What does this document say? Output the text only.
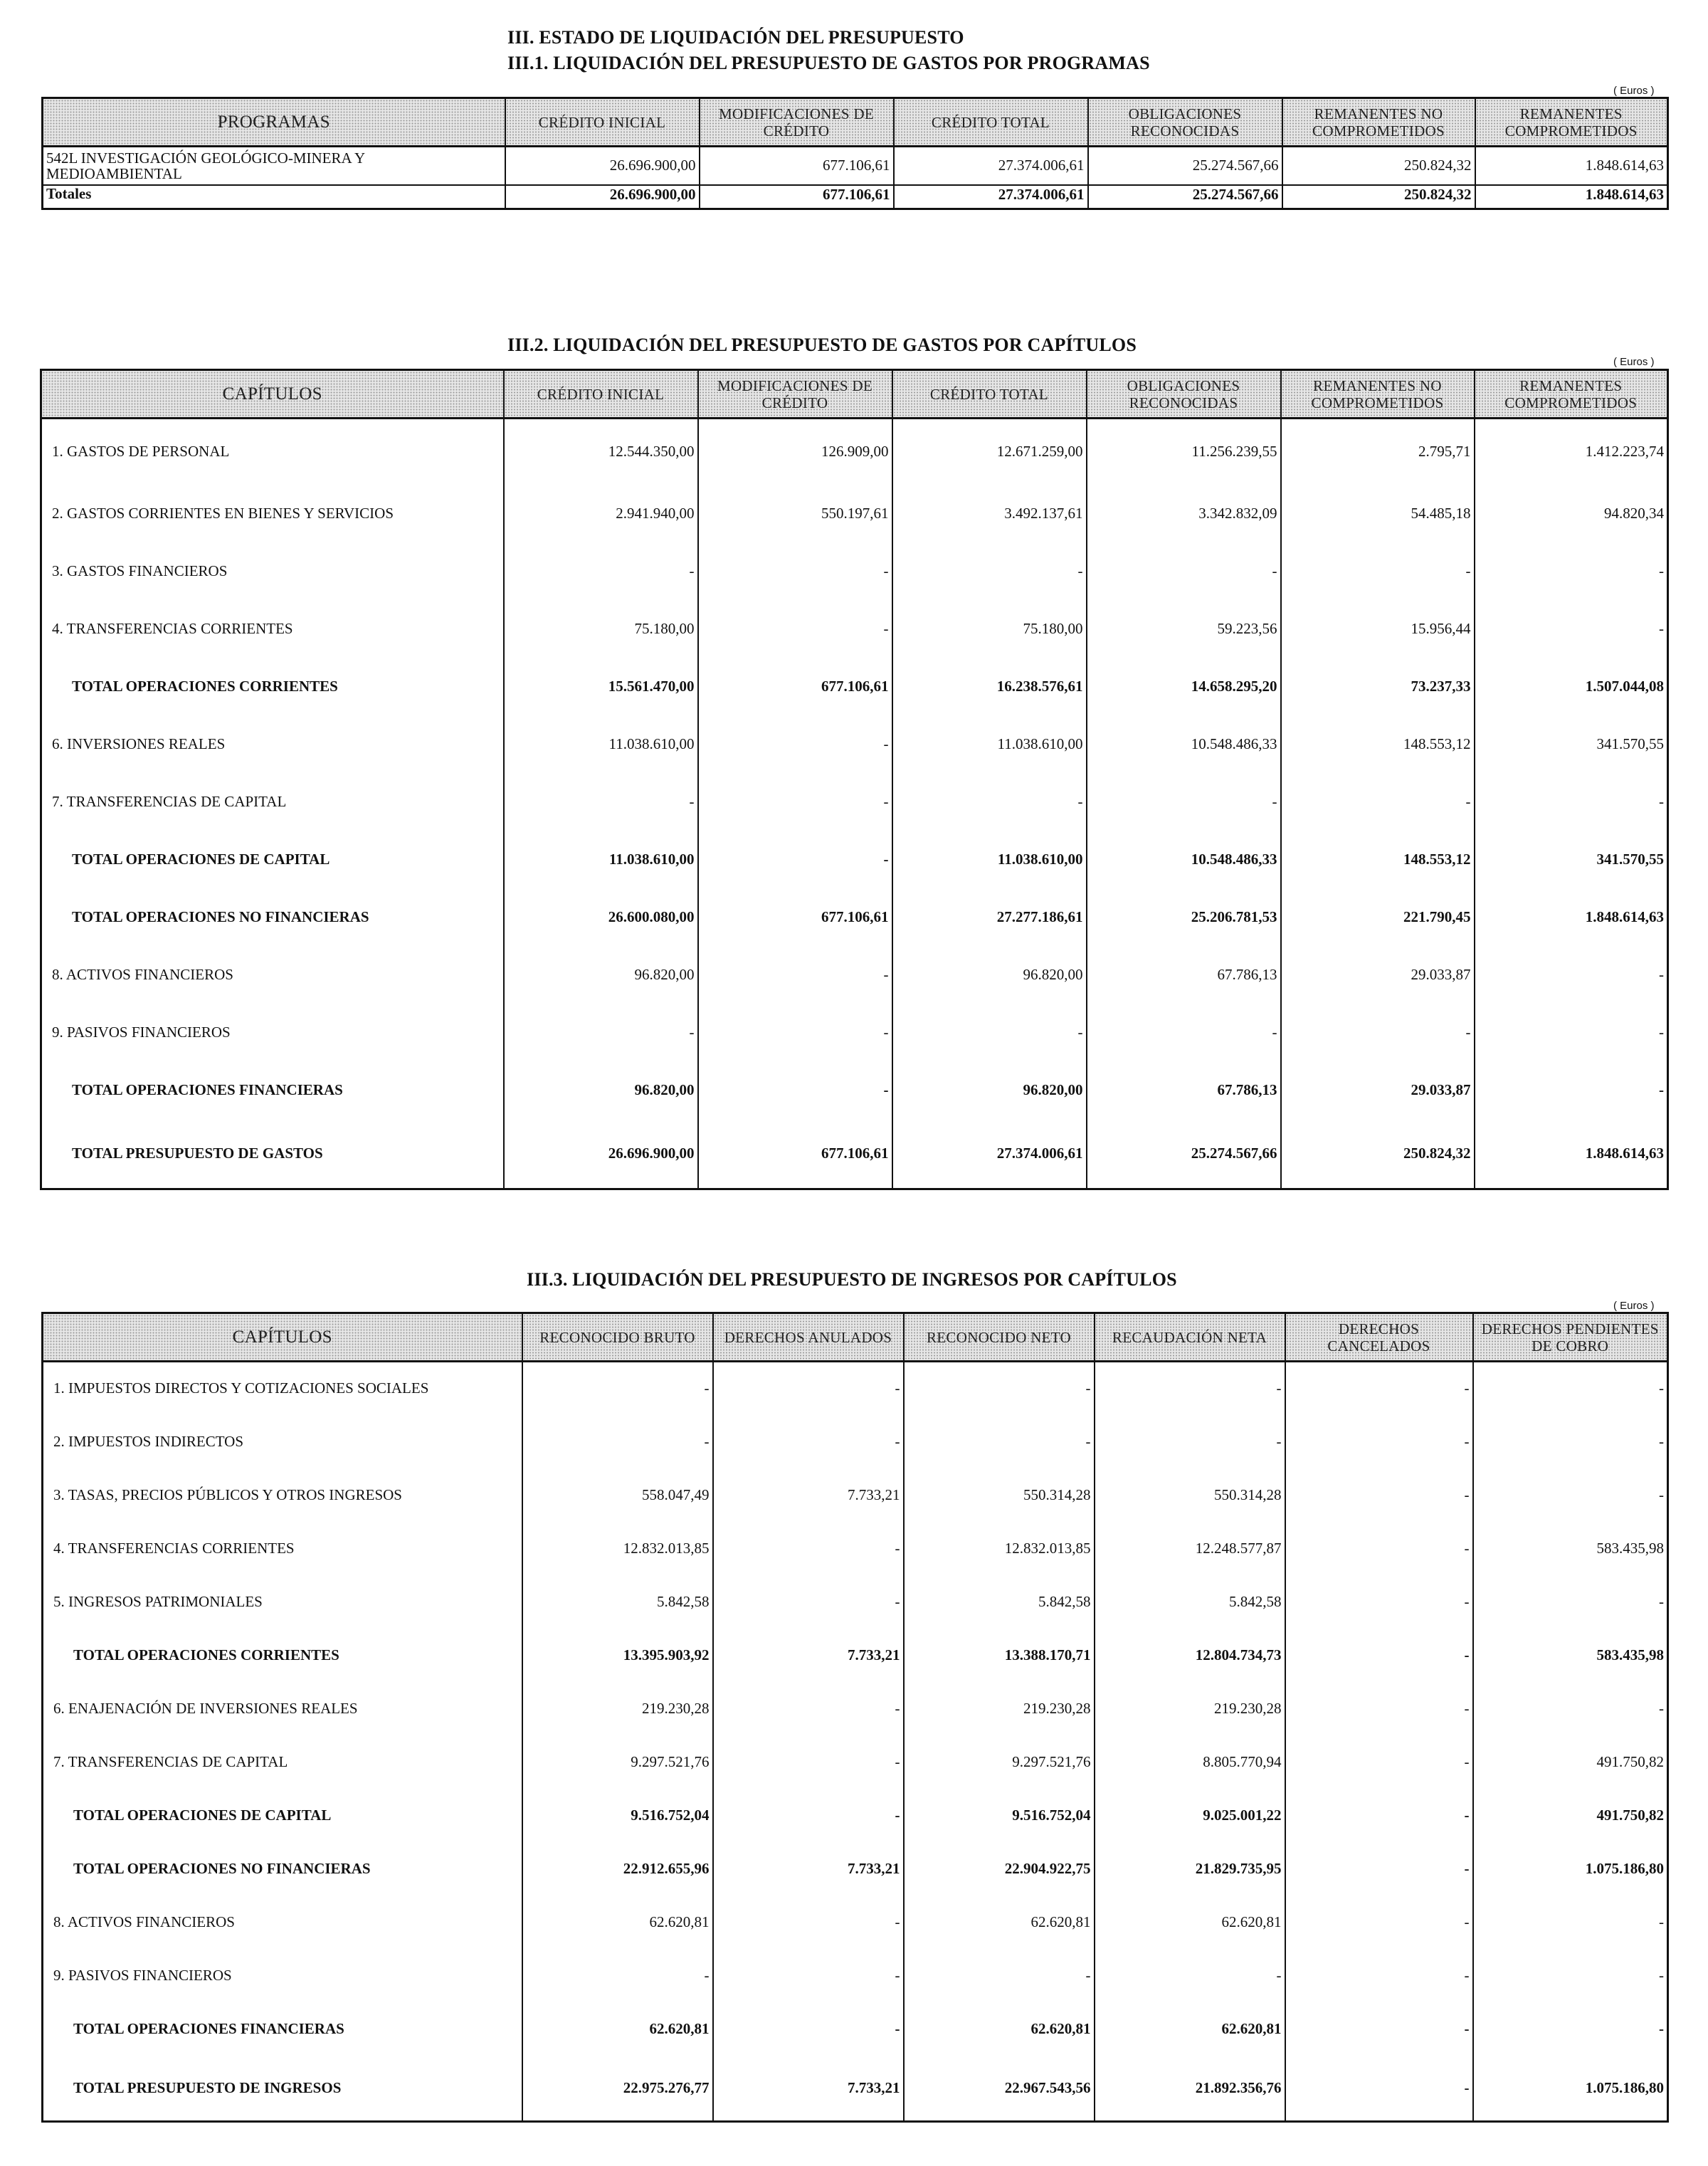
III. ESTADO DE LIQUIDACIÓN DEL PRESUPUESTO
III.1. LIQUIDACIÓN DEL PRESUPUESTO DE GASTOS POR PROGRAMAS
( Euros )
PROGRAMAS	CRÉDITO INICIAL	MODIFICACIONES DE CRÉDITO	CRÉDITO TOTAL	OBLIGACIONES RECONOCIDAS	REMANENTES NO COMPROMETIDOS	REMANENTES COMPROMETIDOS
542L INVESTIGACIÓN GEOLÓGICO-MINERA Y MEDIOAMBIENTAL	26.696.900,00	677.106,61	27.374.006,61	25.274.567,66	250.824,32	1.848.614,63
Totales	26.696.900,00	677.106,61	27.374.006,61	25.274.567,66	250.824,32	1.848.614,63
III.2. LIQUIDACIÓN DEL PRESUPUESTO DE GASTOS POR CAPÍTULOS
( Euros )
CAPÍTULOS	CRÉDITO INICIAL	MODIFICACIONES DE CRÉDITO	CRÉDITO TOTAL	OBLIGACIONES RECONOCIDAS	REMANENTES NO COMPROMETIDOS	REMANENTES COMPROMETIDOS
1. GASTOS DE PERSONAL	12.544.350,00	126.909,00	12.671.259,00	11.256.239,55	2.795,71	1.412.223,74
2. GASTOS CORRIENTES EN BIENES Y SERVICIOS	2.941.940,00	550.197,61	3.492.137,61	3.342.832,09	54.485,18	94.820,34
3. GASTOS FINANCIEROS	-	-	-	-	-	-
4. TRANSFERENCIAS CORRIENTES	75.180,00	-	75.180,00	59.223,56	15.956,44	-
TOTAL OPERACIONES CORRIENTES	15.561.470,00	677.106,61	16.238.576,61	14.658.295,20	73.237,33	1.507.044,08
6. INVERSIONES REALES	11.038.610,00	-	11.038.610,00	10.548.486,33	148.553,12	341.570,55
7. TRANSFERENCIAS DE CAPITAL	-	-	-	-	-	-
TOTAL OPERACIONES DE CAPITAL	11.038.610,00	-	11.038.610,00	10.548.486,33	148.553,12	341.570,55
TOTAL OPERACIONES NO FINANCIERAS	26.600.080,00	677.106,61	27.277.186,61	25.206.781,53	221.790,45	1.848.614,63
8. ACTIVOS FINANCIEROS	96.820,00	-	96.820,00	67.786,13	29.033,87	-
9. PASIVOS FINANCIEROS	-	-	-	-	-	-
TOTAL OPERACIONES FINANCIERAS	96.820,00	-	96.820,00	67.786,13	29.033,87	-
TOTAL PRESUPUESTO DE GASTOS	26.696.900,00	677.106,61	27.374.006,61	25.274.567,66	250.824,32	1.848.614,63
III.3. LIQUIDACIÓN DEL PRESUPUESTO DE INGRESOS POR CAPÍTULOS
( Euros )
CAPÍTULOS	RECONOCIDO BRUTO	DERECHOS ANULADOS	RECONOCIDO NETO	RECAUDACIÓN NETA	DERECHOS CANCELADOS	DERECHOS PENDIENTES DE COBRO
1. IMPUESTOS DIRECTOS Y COTIZACIONES SOCIALES	-	-	-	-	-	-
2. IMPUESTOS INDIRECTOS	-	-	-	-	-	-
3. TASAS, PRECIOS PÚBLICOS Y OTROS INGRESOS	558.047,49	7.733,21	550.314,28	550.314,28	-	-
4. TRANSFERENCIAS CORRIENTES	12.832.013,85	-	12.832.013,85	12.248.577,87	-	583.435,98
5. INGRESOS PATRIMONIALES	5.842,58	-	5.842,58	5.842,58	-	-
TOTAL OPERACIONES CORRIENTES	13.395.903,92	7.733,21	13.388.170,71	12.804.734,73	-	583.435,98
6. ENAJENACIÓN DE INVERSIONES REALES	219.230,28	-	219.230,28	219.230,28	-	-
7. TRANSFERENCIAS DE CAPITAL	9.297.521,76	-	9.297.521,76	8.805.770,94	-	491.750,82
TOTAL OPERACIONES DE CAPITAL	9.516.752,04	-	9.516.752,04	9.025.001,22	-	491.750,82
TOTAL OPERACIONES NO FINANCIERAS	22.912.655,96	7.733,21	22.904.922,75	21.829.735,95	-	1.075.186,80
8. ACTIVOS FINANCIEROS	62.620,81	-	62.620,81	62.620,81	-	-
9. PASIVOS FINANCIEROS	-	-	-	-	-	-
TOTAL OPERACIONES FINANCIERAS	62.620,81	-	62.620,81	62.620,81	-	-
TOTAL PRESUPUESTO DE INGRESOS	22.975.276,77	7.733,21	22.967.543,56	21.892.356,76	-	1.075.186,80
